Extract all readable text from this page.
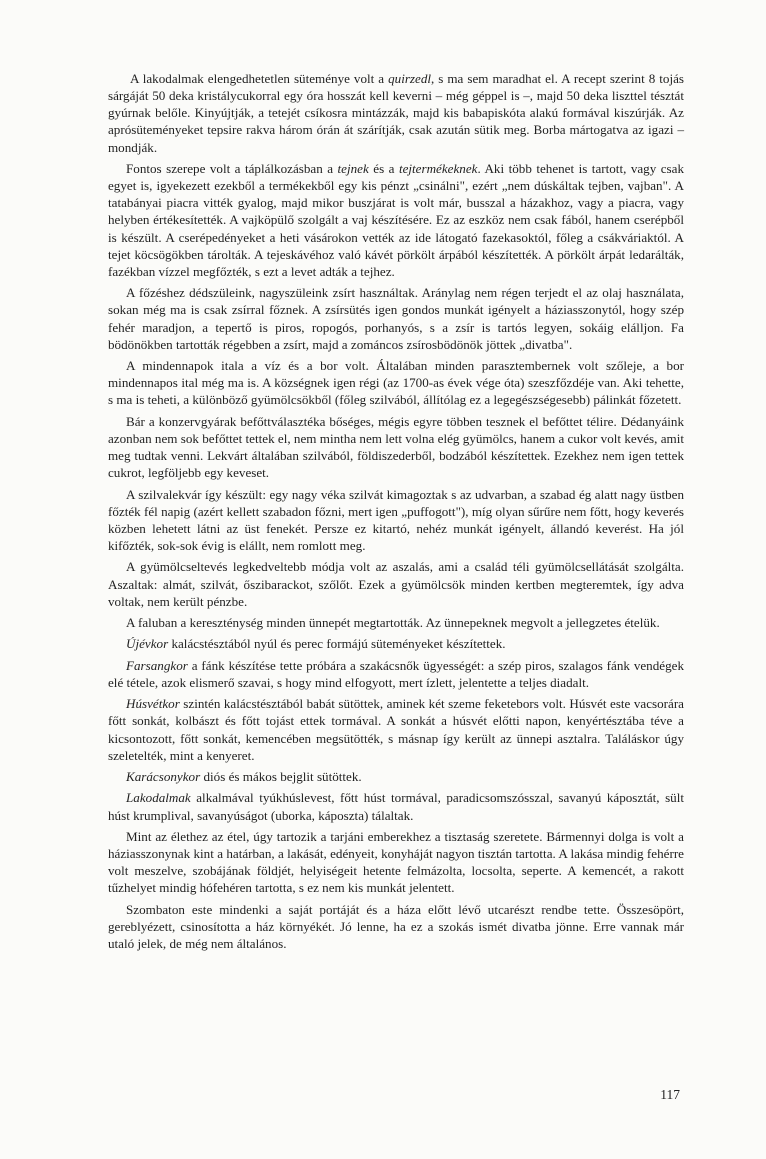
A lakodalmak elengedhetetlen süteménye volt a quirzedl, s ma sem maradhat el. A recept szerint 8 tojás sárgáját 50 deka kristálycukorral egy óra hosszát kell keverni – még géppel is –, majd 50 deka liszttel tésztát gyúrnak belőle. Kinyújtják, a tetejét csíkosra mintázzák, majd kis babapiskóta alakú formával kiszúrják. Az aprósüteményeket tepsire rakva három órán át szárítják, csak azután sütik meg. Borba mártogatva az igazi – mondják.

Fontos szerepe volt a táplálkozásban a tejnek és a tejtermékeknek. Aki több tehenet is tartott, vagy csak egyet is, igyekezett ezekből a termékekből egy kis pénzt „csinálni", ezért „nem dúskáltak tejben, vajban". A tatabányai piacra vitték gyalog, majd mikor buszjárat is volt már, busszal a házakhoz, vagy a piacra, vagy helyben értékesítették. A vajköpülő szolgált a vaj készítésére. Ez az eszköz nem csak fából, hanem cserépből is készült. A cserépedényeket a heti vásárokon vették az ide látogató fazekasoktól, főleg a csákváriaktól. A tejet köcsögökben tárolták. A tejeskávéhoz való kávét pörkölt árpából készítették. A pörkölt árpát ledarálták, fazékban vízzel megfőzték, s ezt a levet adták a tejhez.

A főzéshez dédszüleink, nagyszüleink zsírt használtak. Aránylag nem régen terjedt el az olaj használata, sokan még ma is csak zsírral főznek. A zsírsütés igen gondos munkát igényelt a háziasszonytól, hogy szép fehér maradjon, a tepertő is piros, ropogós, porhanyós, s a zsír is tartós legyen, sokáig elálljon. Fa bödönökben tartották régebben a zsírt, majd a zománcos zsírosbödönök jöttek „divatba".

A mindennapok itala a víz és a bor volt. Általában minden parasztembernek volt szőleje, a bor mindennapos ital még ma is. A községnek igen régi (az 1700-as évek vége óta) szeszfőzdéje van. Aki tehette, s ma is teheti, a különböző gyümölcsökből (főleg szilvából, állítólag ez a legegészségesebb) pálinkát főzetett.

Bár a konzervgyárak befőttválasztéka bőséges, mégis egyre többen tesznek el befőttet télire. Dédanyáink azonban nem sok befőttet tettek el, nem mintha nem lett volna elég gyümölcs, hanem a cukor volt kevés, amit meg tudtak venni. Lekvárt általában szilvából, földiszederből, bodzából készítettek. Ezekhez nem igen tettek cukrot, legföljebb egy keveset.

A szilvalekvár így készült: egy nagy véka szilvát kimagoztak s az udvarban, a szabad ég alatt nagy üstben főzték fél napig (azért kellett szabadon főzni, mert igen „puffogott"), míg olyan sűrűre nem főtt, hogy keverés közben lehetett látni az üst fenekét. Persze ez kitartó, nehéz munkát igényelt, állandó keverést. Ha jól kifőzték, sok-sok évig is elállt, nem romlott meg.

A gyümölcseltevés legkedveltebb módja volt az aszalás, ami a család téli gyümölcsellátását szolgálta. Aszaltak: almát, szilvát, őszibarackot, szőlőt. Ezek a gyümölcsök minden kertben megteremtek, így adva voltak, nem került pénzbe.

A faluban a kereszténység minden ünnepét megtartották. Az ünnepeknek megvolt a jellegzetes ételük.

Újévkor kalácstésztából nyúl és perec formájú süteményeket készítettek.

Farsangkor a fánk készítése tette próbára a szakácsnők ügyességét: a szép piros, szalagos fánk vendégek elé tétele, azok elismerő szavai, s hogy mind elfogyott, mert ízlett, jelentette a teljes diadalt.

Húsvétkor szintén kalácstésztából babát sütöttek, aminek két szeme feketebors volt. Húsvét este vacsorára főtt sonkát, kolbászt és főtt tojást ettek tormával. A sonkát a húsvét előtti napon, kenyértésztába téve a kicsontozott, főtt sonkát, kemencében megsütötték, s másnap így került az ünnepi asztalra. Találáskor úgy szeletelték, mint a kenyeret.

Karácsonykor diós és mákos bejglit sütöttek.

Lakodalmak alkalmával tyúkhúslevest, főtt húst tormával, paradicsomszósszal, savanyú káposztát, sült húst krumplival, savanyúságot (uborka, káposzta) tálaltak.

Mint az élethez az étel, úgy tartozik a tarjáni emberekhez a tisztaság szeretete. Bármennyi dolga is volt a háziasszonynak kint a határban, a lakását, edényeit, konyháját nagyon tisztán tartotta. A lakása mindig fehérre volt meszelve, szobájának földjét, helyiségeit hetente felmázolta, locsolta, seperte. A kemencét, a rakott tűzhelyet mindig hófehéren tartotta, s ez nem kis munkát jelentett.

Szombaton este mindenki a saját portáját és a háza előtt lévő utcarészt rendbe tette. Összesöpört, gereblyézett, csinosította a ház környékét. Jó lenne, ha ez a szokás ismét divatba jönne. Erre vannak már utaló jelek, de még nem általános.

117
